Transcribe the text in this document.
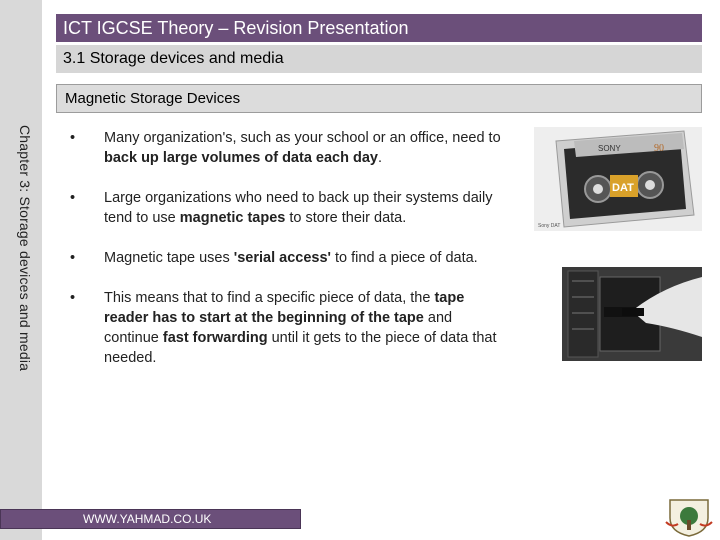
ICT IGCSE Theory – Revision Presentation
3.1 Storage devices and media
Magnetic Storage Devices
Chapter 3: Storage devices and media	• Many organization's, such as your school or an office, need to back up large volumes of data each day.
• Large organizations who need to back up their systems daily tend to use magnetic tapes to store their data.
• Magnetic tape uses 'serial access' to find a piece of data.
• This means that to find a specific piece of data, the tape reader has to start at the beginning of the tape and continue fast forwarding until it gets to the piece of data that needed.
SONY	90
DAT
Sony DAT
WWW.YAHMAD.CO.UK
